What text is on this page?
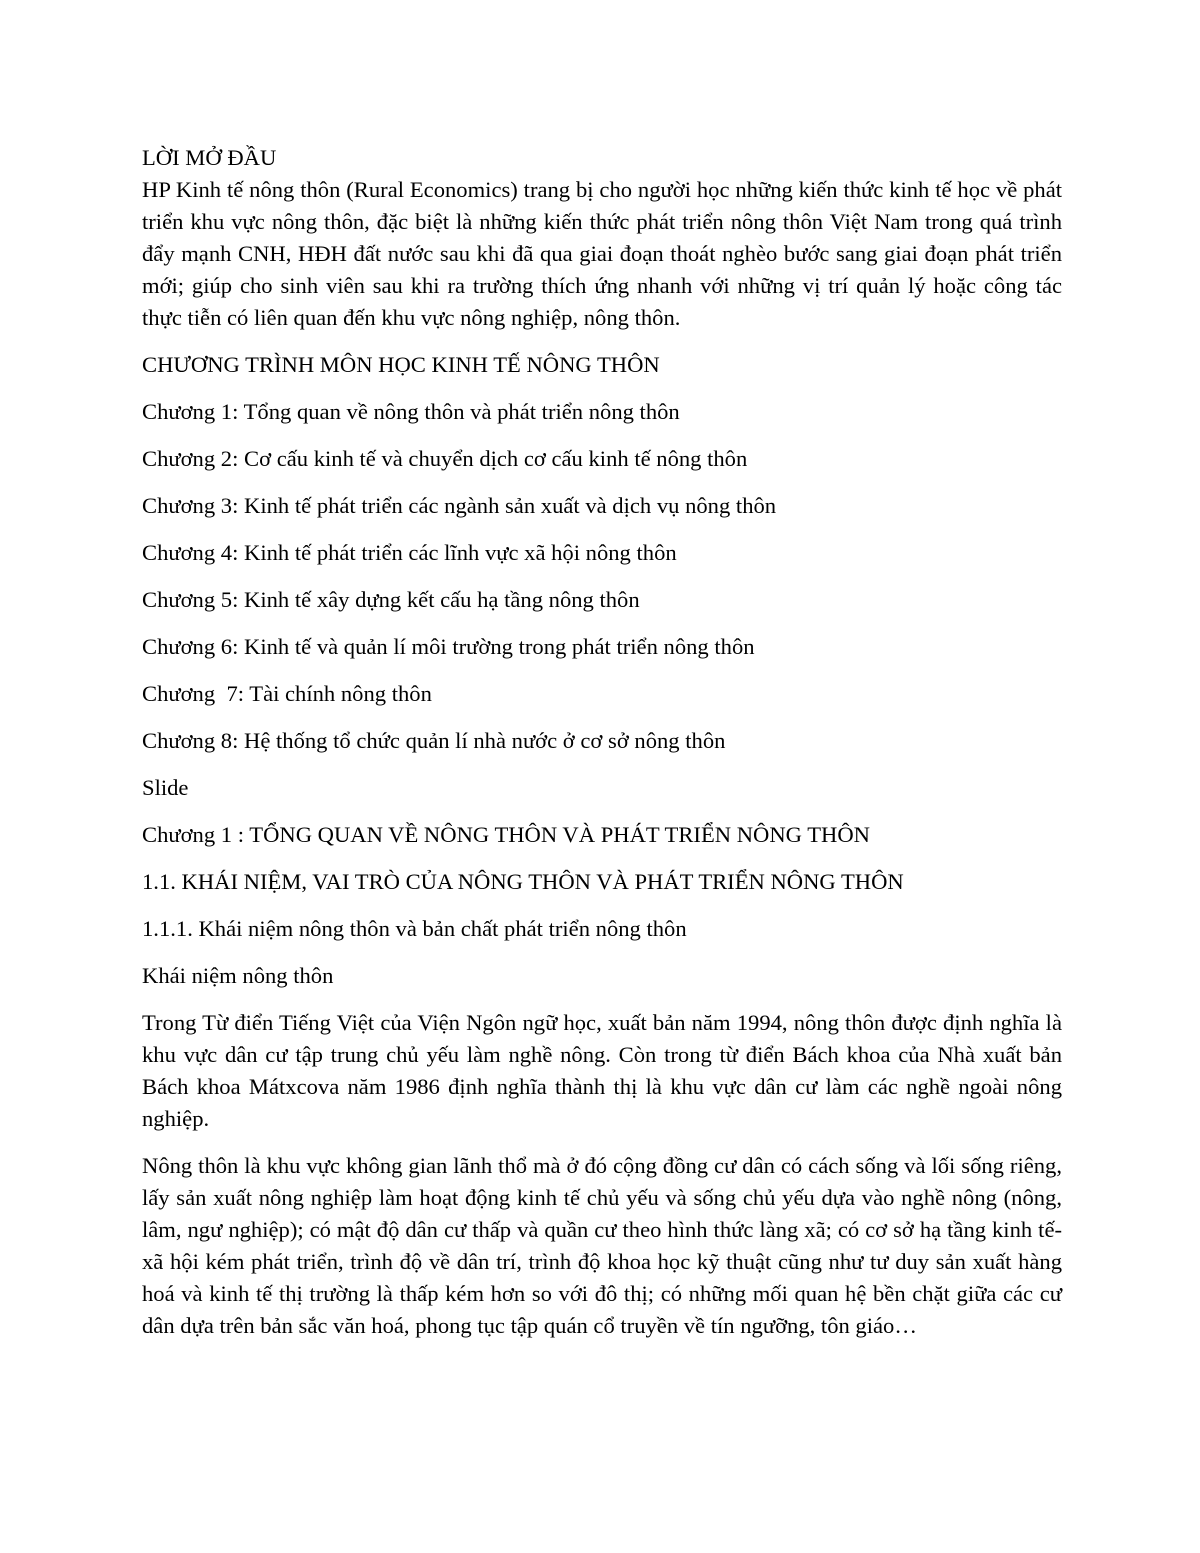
LỜI MỞ ĐẦU

HP Kinh tế nông thôn (Rural Economics) trang bị cho người học những kiến thức kinh tế học về phát triển khu vực nông thôn, đặc biệt là những kiến thức phát triển nông thôn Việt Nam trong quá trình đẩy mạnh CNH, HĐH đất nước sau khi đã qua giai đoạn thoát nghèo bước sang giai đoạn phát triển mới; giúp cho sinh viên sau khi ra trường thích ứng nhanh với những vị trí quản lý hoặc công tác thực tiễn có liên quan đến khu vực nông nghiệp, nông thôn.

CHƯƠNG TRÌNH MÔN HỌC KINH TẾ NÔNG THÔN

Chương 1: Tổng quan về nông thôn và phát triển nông thôn

Chương 2: Cơ cấu kinh tế và chuyển dịch cơ cấu kinh tế nông thôn

Chương 3: Kinh tế phát triển các ngành sản xuất và dịch vụ nông thôn

Chương 4: Kinh tế phát triển các lĩnh vực xã hội nông thôn

Chương 5: Kinh tế xây dựng kết cấu hạ tầng nông thôn

Chương 6: Kinh tế và quản lí môi trường trong phát triển nông thôn

Chương  7: Tài chính nông thôn

Chương 8: Hệ thống tổ chức quản lí nhà nước ở cơ sở nông thôn

Slide

Chương 1 : TỔNG QUAN VỀ NÔNG THÔN VÀ PHÁT TRIỂN NÔNG THÔN

1.1. KHÁI NIỆM, VAI TRÒ CỦA NÔNG THÔN VÀ PHÁT TRIỂN NÔNG THÔN

1.1.1. Khái niệm nông thôn và bản chất phát triển nông thôn

Khái niệm nông thôn

Trong Từ điển Tiếng Việt của Viện Ngôn ngữ học, xuất bản năm 1994, nông thôn được định nghĩa là khu vực dân cư tập trung chủ yếu làm nghề nông. Còn trong từ điển Bách khoa của Nhà xuất bản Bách khoa Mátxcova năm 1986 định nghĩa thành thị là khu vực dân cư làm các nghề ngoài nông nghiệp.

Nông thôn là khu vực không gian lãnh thổ mà ở đó cộng đồng cư dân có cách sống và lối sống riêng, lấy sản xuất nông nghiệp làm hoạt động kinh tế chủ yếu và sống chủ yếu dựa vào nghề nông (nông, lâm, ngư nghiệp); có mật độ dân cư thấp và quần cư theo hình thức làng xã; có cơ sở hạ tầng kinh tế- xã hội kém phát triển, trình độ về dân trí, trình độ khoa học kỹ thuật cũng như tư duy sản xuất hàng hoá và kinh tế thị trường là thấp kém hơn so với đô thị; có những mối quan hệ bền chặt giữa các cư dân dựa trên bản sắc văn hoá, phong tục tập quán cổ truyền về tín ngưỡng, tôn giáo…
